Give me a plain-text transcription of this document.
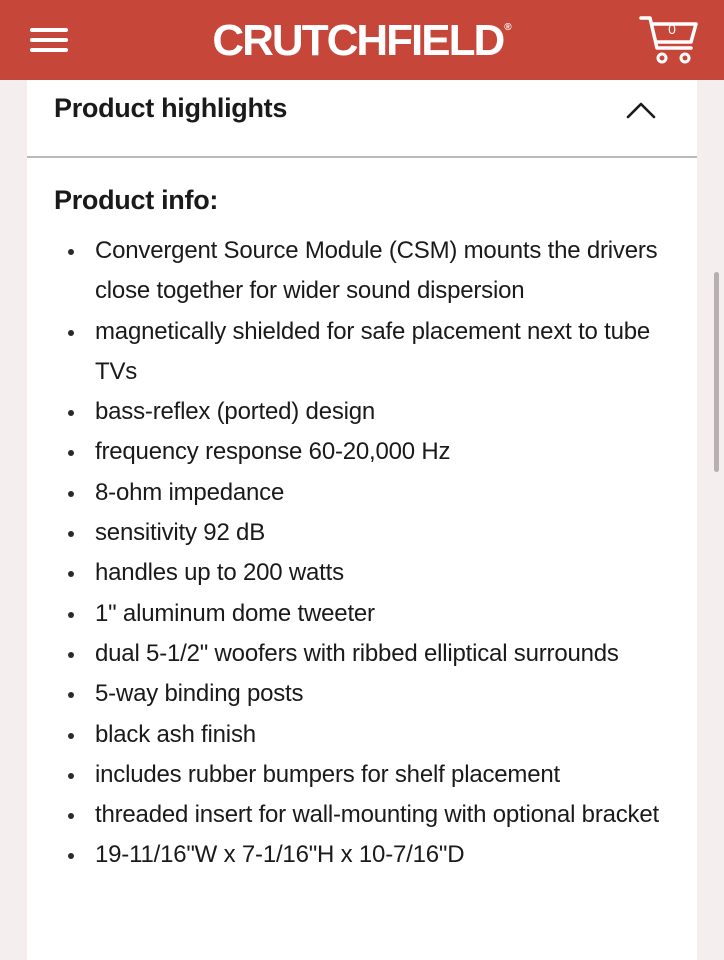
CRUTCHFIELD®	0
Product highlights
Product info:
Convergent Source Module (CSM) mounts the drivers close together for wider sound dispersion
magnetically shielded for safe placement next to tube TVs
bass-reflex (ported) design
frequency response 60-20,000 Hz
8-ohm impedance
sensitivity 92 dB
handles up to 200 watts
1" aluminum dome tweeter
dual 5-1/2" woofers with ribbed elliptical surrounds
5-way binding posts
black ash finish
includes rubber bumpers for shelf placement
threaded insert for wall-mounting with optional bracket
19-11/16"W x 7-1/16"H x 10-7/16"D
